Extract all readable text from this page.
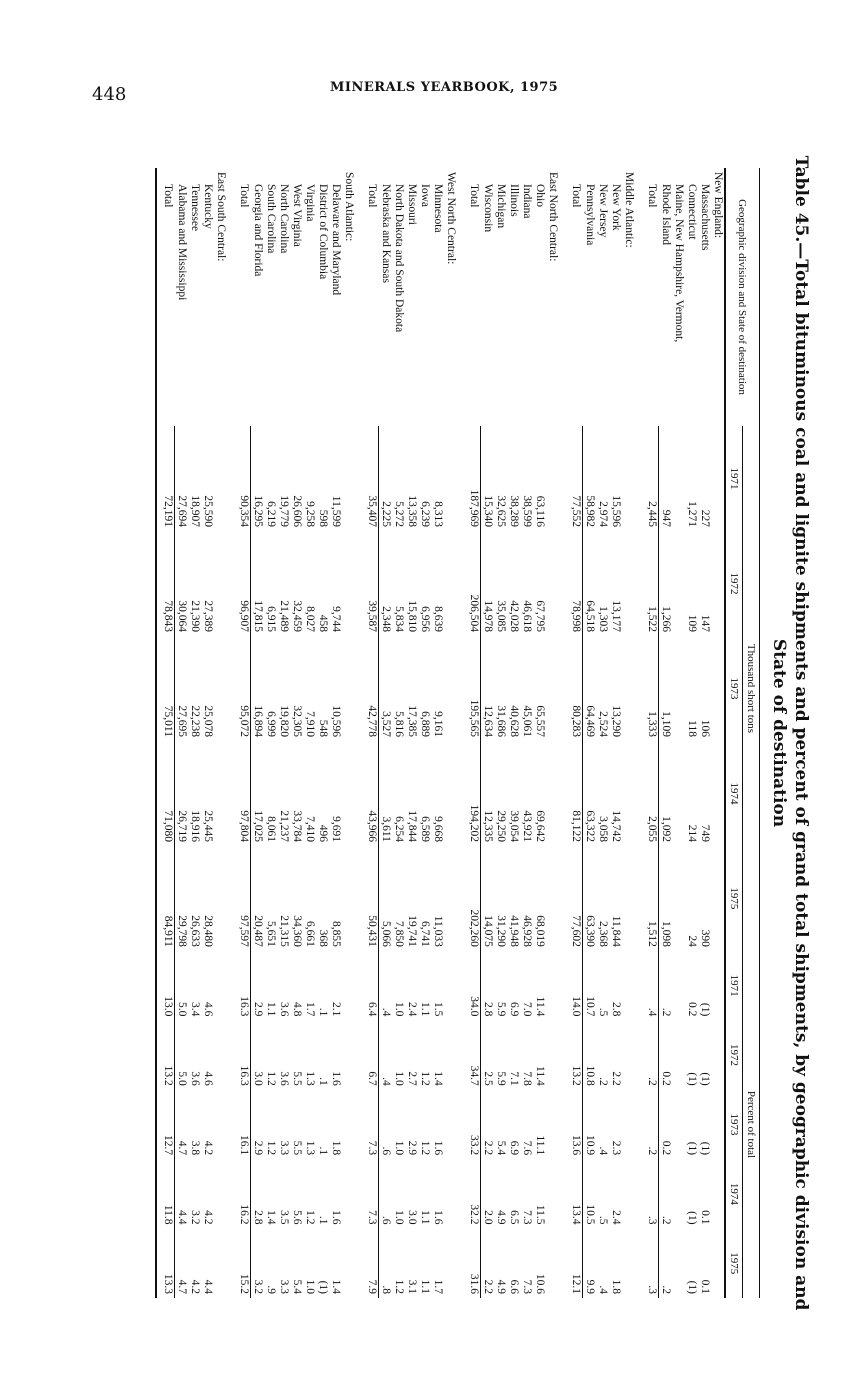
448	MINERALS YEARBOOK, 1975
Table 45.—Total bituminous coal and lignite shipments and percent of grand total shipments, by geographic division and
State of destination
Geographic division and State of destination	Thousand short tons					Percent of total				
	1971	1972	1973	1974	1975	1971	1972	1973	1974	1975
New England:										
Massachusetts	227	147	106	749	390	(1)	(1)	(1)	0.1	0.1
Connecticut	1,271	109	118	214	24	0.2	(1)	(1)	(1)	(1)
Maine, New Hampshire, Vermont,										
Rhode Island	947	1,266	1,109	1,092	1,098	.2	0.2	0.2	.2	.2
Total	2,445	1,522	1,333	2,055	1,512	.4	.2	.2	.3	.3

Middle Atlantic:										
New York	15,596	13,177	13,290	14,742	11,844	2.8	2.2	2.3	2.4	1.8
New Jersey	2,974	1,303	2,524	3,058	2,368	.5	.2	.4	.5	.4
Pennsylvania	58,982	64,518	64,469	63,322	63,390	10.7	10.8	10.9	10.5	9.9
Total	77,552	78,998	80,283	81,122	77,602	14.0	13.2	13.6	13.4	12.1

East North Central:										
Ohio	63,116	67,795	65,557	69,642	68,019	11.4	11.4	11.1	11.5	10.6
Indiana	38,599	46,618	45,061	43,921	46,928	7.0	7.8	7.6	7.3	7.3
Illinois	38,289	42,028	40,628	39,054	41,948	6.9	7.1	6.9	6.5	6.6
Michigan	32,625	35,085	31,686	29,250	31,290	5.9	5.9	5.4	4.9	4.9
Wisconsin	15,340	14,978	12,634	12,335	14,075	2.8	2.5	2.2	2.0	2.2
Total	187,969	206,504	195,565	194,202	202,260	34.0	34.7	33.2	32.2	31.6

West North Central:										
Minnesota	8,313	8,639	9,161	9,668	11,033	1.5	1.4	1.6	1.6	1.7
Iowa	6,239	6,956	6,889	6,589	6,741	1.1	1.2	1.2	1.1	1.1
Missouri	13,358	15,810	17,385	17,844	19,741	2.4	2.7	2.9	3.0	3.1
North Dakota and South Dakota	5,272	5,834	5,816	6,254	7,850	1.0	1.0	1.0	1.0	1.2
Nebraska and Kansas	2,225	2,348	3,527	3,611	5,066	.4	.4	.6	.6	.8
Total	35,407	39,587	42,778	43,966	50,431	6.4	6.7	7.3	7.3	7.9

South Atlantic:										
Delaware and Maryland	11,599	9,744	10,596	9,691	8,855	2.1	1.6	1.8	1.6	1.4
District of Columbia	598	458	548	496	368	.1	.1	.1	.1	(1)
Virginia	9,258	8,027	7,910	7,410	6,661	1.7	1.3	1.3	1.2	1.0
West Virginia	26,606	32,459	32,305	33,784	34,360	4.8	5.5	5.5	5.6	5.4
North Carolina	19,779	21,489	19,820	21,237	21,315	3.6	3.6	3.3	3.5	3.3
South Carolina	6,219	6,915	6,999	8,061	5,651	1.1	1.2	1.2	1.4	.9
Georgia and Florida	16,295	17,815	16,894	17,025	20,487	2.9	3.0	2.9	2.8	3.2
Total	90,354	96,907	95,072	97,804	97,597	16.3	16.3	16.1	16.2	15.2

East South Central:										
Kentucky	25,590	27,389	25,078	25,445	28,480	4.6	4.6	4.2	4.2	4.4
Tennessee	18,907	21,390	22,238	18,916	26,633	3.4	3.6	3.8	3.2	4.2
Alabama and Mississippi	27,694	30,064	27,695	26,719	29,798	5.0	5.0	4.7	4.4	4.7
Total	72,191	78,843	75,011	71,080	84,911	13.0	13.2	12.7	11.8	13.3
